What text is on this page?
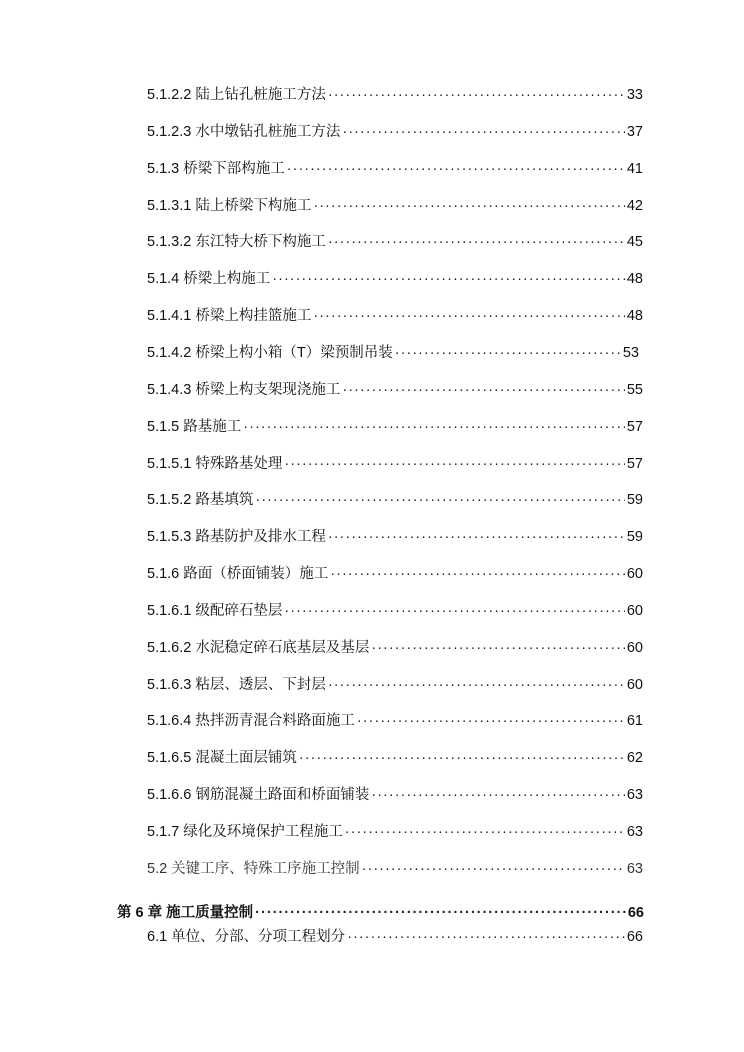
5.1.2.2 陆上钻孔桩施工方法 ·····	33
5.1.2.3 水中墩钻孔桩施工方法 ·····	37
5.1.3 桥梁下部构施工 ·····	41
5.1.3.1 陆上桥梁下构施工 ·····	42
5.1.3.2 东江特大桥下构施工 ·····	45
5.1.4 桥梁上构施工 ·····	48
5.1.4.1 桥梁上构挂篮施工 ·····	48
5.1.4.2 桥梁上构小箱（T）梁预制吊装 ·····	53
5.1.4.3 桥梁上构支架现浇施工 ·····	55
5.1.5 路基施工 ·····	57
5.1.5.1 特殊路基处理 ·····	57
5.1.5.2 路基填筑 ·····	59
5.1.5.3 路基防护及排水工程 ·····	59
5.1.6 路面（桥面铺装）施工 ·····	60
5.1.6.1 级配碎石垫层 ·····	60
5.1.6.2 水泥稳定碎石底基层及基层 ·····	60
5.1.6.3 粘层、透层、下封层 ·····	60
5.1.6.4 热拌沥青混合料路面施工 ·····	61
5.1.6.5 混凝土面层铺筑 ·····	62
5.1.6.6 钢筋混凝土路面和桥面铺装 ·····	63
5.1.7 绿化及环境保护工程施工 ·····	63
5.2 关键工序、特殊工序施工控制 ·····	63
第 6 章 施工质量控制 ·····	66
6.1 单位、分部、分项工程划分 ·····	66
